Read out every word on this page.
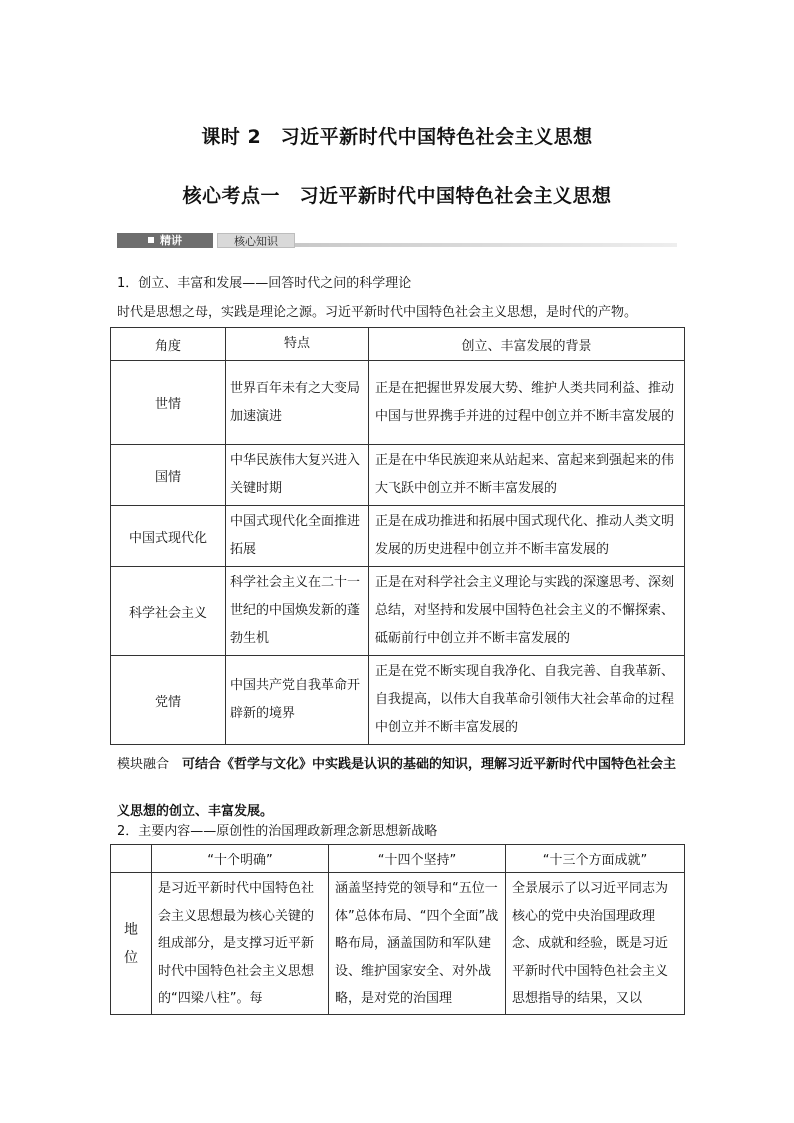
课时 2　习近平新时代中国特色社会主义思想
核心考点一　习近平新时代中国特色社会主义思想
精讲	核心知识
1．创立、丰富和发展——回答时代之问的科学理论
时代是思想之母，实践是理论之源。习近平新时代中国特色社会主义思想，是时代的产物。
角度	特点	创立、丰富发展的背景
世情	世界百年未有之大变局加速演进	正是在把握世界发展大势、维护人类共同利益、推动中国与世界携手并进的过程中创立并不断丰富发展的
国情	中华民族伟大复兴进入关键时期	正是在中华民族迎来从站起来、富起来到强起来的伟大飞跃中创立并不断丰富发展的
中国式现代化	中国式现代化全面推进拓展	正是在成功推进和拓展中国式现代化、推动人类文明发展的历史进程中创立并不断丰富发展的
科学社会主义	科学社会主义在二十一世纪的中国焕发新的蓬勃生机	正是在对科学社会主义理论与实践的深邃思考、深刻总结，对坚持和发展中国特色社会主义的不懈探索、砥砺前行中创立并不断丰富发展的
党情	中国共产党自我革命开辟新的境界	正是在党不断实现自我净化、自我完善、自我革新、自我提高，以伟大自我革命引领伟大社会革命的过程中创立并不断丰富发展的
模块融合　可结合《哲学与文化》中实践是认识的基础的知识，理解习近平新时代中国特色社会主义思想的创立、丰富发展。
2．主要内容——原创性的治国理政新理念新思想新战略
	“十个明确”	“十四个坚持”	“十三个方面成就”
地位	是习近平新时代中国特色社会主义思想最为核心关键的组成部分，是支撑习近平新时代中国特色社会主义思想的“四梁八柱”。每	涵盖坚持党的领导和“五位一体”总体布局、“四个全面”战略布局，涵盖国防和军队建设、维护国家安全、对外战略，是对党的治国理	全景展示了以习近平同志为核心的党中央治国理政理念、成就和经验，既是习近平新时代中国特色社会主义思想指导的结果，又以
